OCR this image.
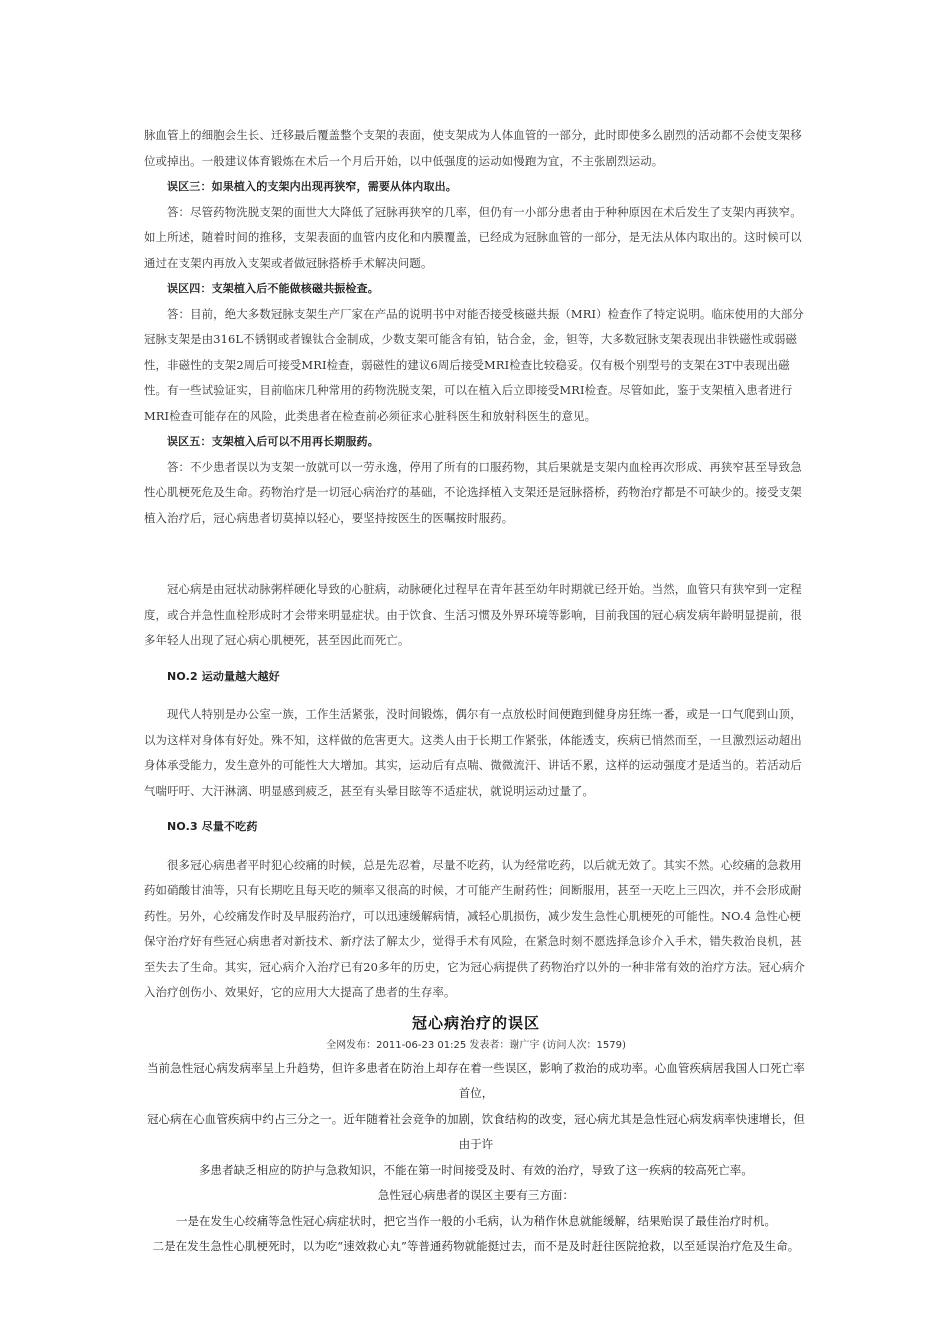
脉血管上的细胞会生长、迁移最后覆盖整个支架的表面，使支架成为人体血管的一部分，此时即使多么剧烈的活动都不会使支架移位或掉出。一般建议体育锻炼在术后一个月后开始，以中低强度的运动如慢跑为宜，不主张剧烈运动。

误区三：如果植入的支架内出现再狭窄，需要从体内取出。

答：尽管药物洗脱支架的面世大大降低了冠脉再狭窄的几率，但仍有一小部分患者由于种种原因在术后发生了支架内再狭窄。如上所述，随着时间的推移，支架表面的血管内皮化和内膜覆盖，已经成为冠脉血管的一部分，是无法从体内取出的。这时候可以通过在支架内再放入支架或者做冠脉搭桥手术解决问题。

误区四：支架植入后不能做核磁共振检查。

答：目前，绝大多数冠脉支架生产厂家在产品的说明书中对能否接受核磁共振（MRI）检查作了特定说明。临床使用的大部分冠脉支架是由316L不锈钢或者镍钛合金制成，少数支架可能含有铂，钴合金，金，钽等，大多数冠脉支架表现出非铁磁性或弱磁性，非磁性的支架2周后可接受MRI检查，弱磁性的建议6周后接受MRI检查比较稳妥。仅有极个别型号的支架在3T中表现出磁性。有一些试验证实，目前临床几种常用的药物洗脱支架，可以在植入后立即接受MRI检查。尽管如此，鉴于支架植入患者进行MRI检查可能存在的风险，此类患者在检查前必须征求心脏科医生和放射科医生的意见。

误区五：支架植入后可以不用再长期服药。

答：不少患者误以为支架一放就可以一劳永逸，停用了所有的口服药物，其后果就是支架内血栓再次形成、再狭窄甚至导致急性心肌梗死危及生命。药物治疗是一切冠心病治疗的基础，不论选择植入支架还是冠脉搭桥，药物治疗都是不可缺少的。接受支架植入治疗后，冠心病患者切莫掉以轻心，要坚持按医生的医嘱按时服药。

冠心病是由冠状动脉粥样硬化导致的心脏病，动脉硬化过程早在青年甚至幼年时期就已经开始。当然，血管只有狭窄到一定程度，或合并急性血栓形成时才会带来明显症状。由于饮食、生活习惯及外界环境等影响，目前我国的冠心病发病年龄明显提前，很多年轻人出现了冠心病心肌梗死，甚至因此而死亡。

NO.2 运动量越大越好

现代人特别是办公室一族，工作生活紧张，没时间锻炼，偶尔有一点放松时间便跑到健身房狂练一番，或是一口气爬到山顶，以为这样对身体有好处。殊不知，这样做的危害更大。这类人由于长期工作紧张，体能透支，疾病已悄然而至，一旦激烈运动超出身体承受能力，发生意外的可能性大大增加。其实，运动后有点喘、微微流汗、讲话不累，这样的运动强度才是适当的。若活动后气喘吁吁、大汗淋漓、明显感到疲乏，甚至有头晕目眩等不适症状，就说明运动过量了。

NO.3 尽量不吃药

很多冠心病患者平时犯心绞痛的时候，总是先忍着，尽量不吃药，认为经常吃药，以后就无效了。其实不然。心绞痛的急救用药如硝酸甘油等，只有长期吃且每天吃的频率又很高的时候，才可能产生耐药性；间断服用，甚至一天吃上三四次，并不会形成耐药性。另外，心绞痛发作时及早服药治疗，可以迅速缓解病情，减轻心肌损伤，减少发生急性心肌梗死的可能性。NO.4 急性心梗保守治疗好有些冠心病患者对新技术、新疗法了解太少，觉得手术有风险，在紧急时刻不愿选择急诊介入手术，错失救治良机，甚至失去了生命。其实，冠心病介入治疗已有20多年的历史，它为冠心病提供了药物治疗以外的一种非常有效的治疗方法。冠心病介入治疗创伤小、效果好，它的应用大大提高了患者的生存率。

冠心病治疗的误区
全网发布：2011-06-23 01:25 发表者：谢广宇 (访问人次：1579)

当前急性冠心病发病率呈上升趋势，但许多患者在防治上却存在着一些误区，影响了救治的成功率。心血管疾病居我国人口死亡率首位，

冠心病在心血管疾病中约占三分之一。近年随着社会竞争的加剧，饮食结构的改变，冠心病尤其是急性冠心病发病率快速增长，但由于许

多患者缺乏相应的防护与急救知识，不能在第一时间接受及时、有效的治疗，导致了这一疾病的较高死亡率。

急性冠心病患者的误区主要有三方面：

一是在发生心绞痛等急性冠心病症状时，把它当作一般的小毛病，认为稍作休息就能缓解，结果贻误了最佳治疗时机。

二是在发生急性心肌梗死时，以为吃“速效救心丸”等普通药物就能挺过去，而不是及时赶往医院抢救，以至延误治疗危及生命。
